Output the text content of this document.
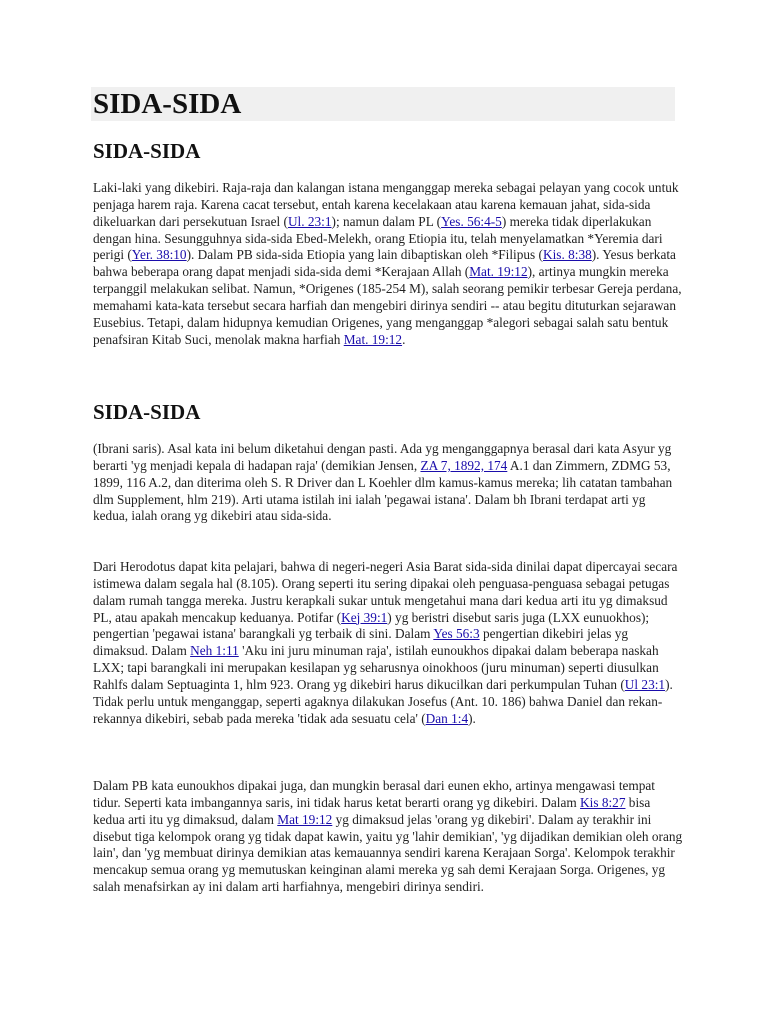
SIDA-SIDA
SIDA-SIDA

Laki-laki yang dikebiri. Raja-raja dan kalangan istana menganggap mereka sebagai pelayan yang cocok untuk penjaga harem raja. Karena cacat tersebut, entah karena kecelakaan atau karena kemauan jahat, sida-sida dikeluarkan dari persekutuan Israel (Ul. 23:1); namun dalam PL (Yes. 56:4-5) mereka tidak diperlakukan dengan hina. Sesungguhnya sida-sida Ebed-Melekh, orang Etiopia itu, telah menyelamatkan *Yeremia dari perigi (Yer. 38:10). Dalam PB sida-sida Etiopia yang lain dibaptiskan oleh *Filipus (Kis. 8:38). Yesus berkata bahwa beberapa orang dapat menjadi sida-sida demi *Kerajaan Allah (Mat. 19:12), artinya mungkin mereka terpanggil melakukan selibat. Namun, *Origenes (185-254 M), salah seorang pemikir terbesar Gereja perdana, memahami kata-kata tersebut secara harfiah dan mengebiri dirinya sendiri -- atau begitu dituturkan sejarawan Eusebius. Tetapi, dalam hidupnya kemudian Origenes, yang menganggap *alegori sebagai salah satu bentuk penafsiran Kitab Suci, menolak makna harfiah Mat. 19:12.

SIDA-SIDA

(Ibrani saris). Asal kata ini belum diketahui dengan pasti. Ada yg menganggapnya berasal dari kata Asyur yg berarti 'yg menjadi kepala di hadapan raja' (demikian Jensen, ZA 7, 1892, 174 A.1 dan Zimmern, ZDMG 53, 1899, 116 A.2, dan diterima oleh S. R Driver dan L Koehler dlm kamus-kamus mereka; lih catatan tambahan dlm Supplement, hlm 219). Arti utama istilah ini ialah 'pegawai istana'. Dalam bh Ibrani terdapat arti yg kedua, ialah orang yg dikebiri atau sida-sida.

Dari Herodotus dapat kita pelajari, bahwa di negeri-negeri Asia Barat sida-sida dinilai dapat dipercayai secara istimewa dalam segala hal (8.105). Orang seperti itu sering dipakai oleh penguasa-penguasa sebagai petugas dalam rumah tangga mereka. Justru kerapkali sukar untuk mengetahui mana dari kedua arti itu yg dimaksud PL, atau apakah mencakup keduanya. Potifar (Kej 39:1) yg beristri disebut saris juga (LXX eunuokhos); pengertian 'pegawai istana' barangkali yg terbaik di sini. Dalam Yes 56:3 pengertian dikebiri jelas yg dimaksud. Dalam Neh 1:11 'Aku ini juru minuman raja', istilah eunoukhos dipakai dalam beberapa naskah LXX; tapi barangkali ini merupakan kesilapan yg seharusnya oinokhoos (juru minuman) seperti diusulkan Rahlfs dalam Septuaginta 1, hlm 923. Orang yg dikebiri harus dikucilkan dari perkumpulan Tuhan (Ul 23:1). Tidak perlu untuk menganggap, seperti agaknya dilakukan Josefus (Ant. 10. 186) bahwa Daniel dan rekan-rekannya dikebiri, sebab pada mereka 'tidak ada sesuatu cela' (Dan 1:4).

Dalam PB kata eunoukhos dipakai juga, dan mungkin berasal dari eunen ekho, artinya mengawasi tempat tidur. Seperti kata imbangannya saris, ini tidak harus ketat berarti orang yg dikebiri. Dalam Kis 8:27 bisa kedua arti itu yg dimaksud, dalam Mat 19:12 yg dimaksud jelas 'orang yg dikebiri'. Dalam ay terakhir ini disebut tiga kelompok orang yg tidak dapat kawin, yaitu yg 'lahir demikian', 'yg dijadikan demikian oleh orang lain', dan 'yg membuat dirinya demikian atas kemauannya sendiri karena Kerajaan Sorga'. Kelompok terakhir mencakup semua orang yg memutuskan keinginan alami mereka yg sah demi Kerajaan Sorga. Origenes, yg salah menafsirkan ay ini dalam arti harfiahnya, mengebiri dirinya sendiri.
